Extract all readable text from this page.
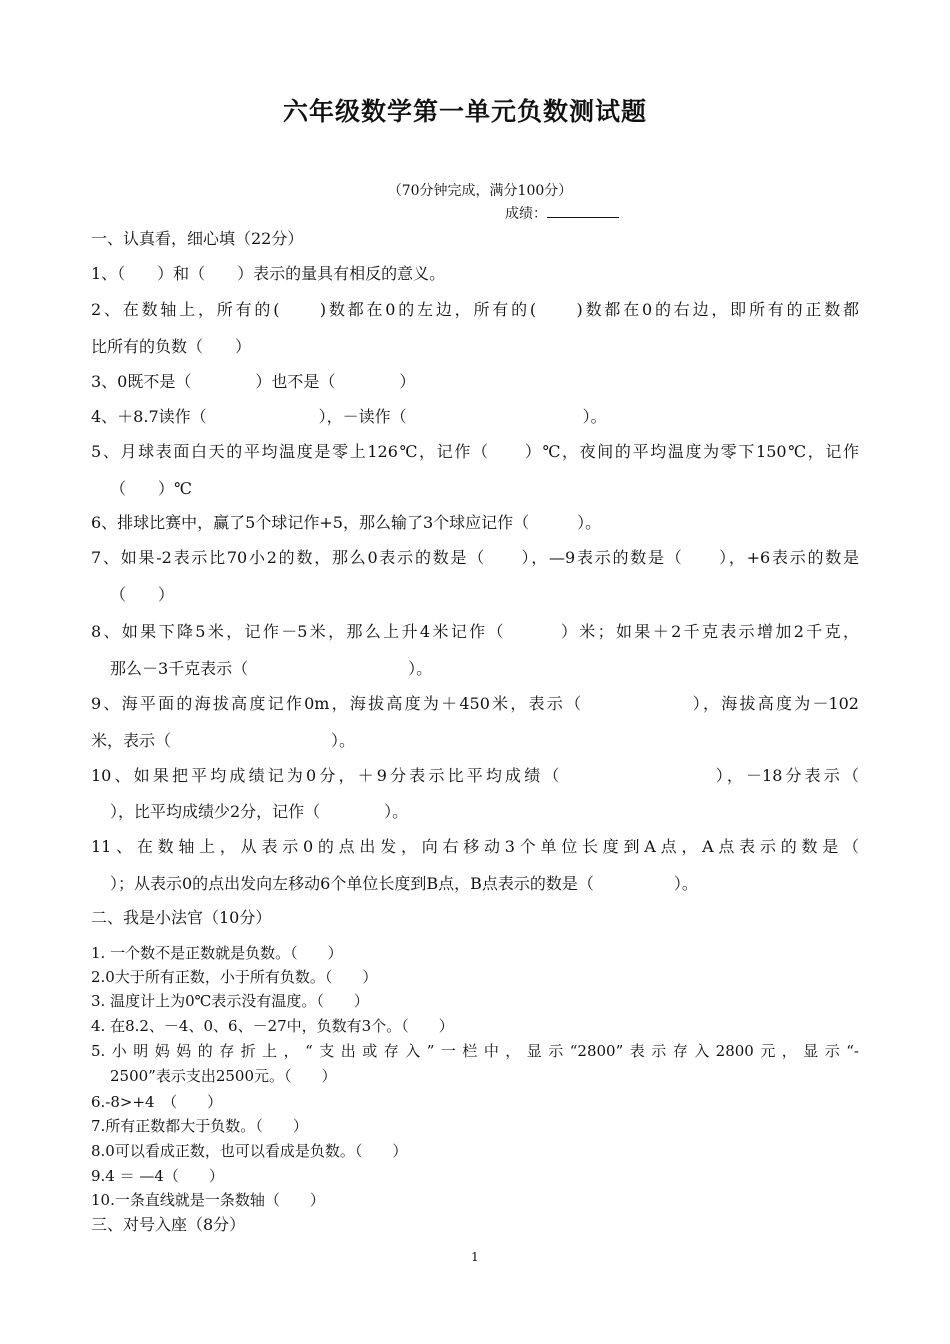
六年级数学第一单元负数测试题
（70分钟完成，满分100分）
成绩：
一、认真看，细心填（22分）
1、（　　）和（　　）表示的量具有相反的意义。
2、在数轴上，所有的(　　)数都在0的左边，所有的(　　)数都在0的右边，即所有的正数都
比所有的负数（　　）
3、0既不是（　　　　）也不是（　　　　）
4、＋8.7读作（　　　　　　　），－读作（　　　　　　　　　　　）。
5、月球表面白天的平均温度是零上126℃，记作（　　）℃，夜间的平均温度为零下150℃，记作
（　　）℃
6、排球比赛中，赢了5个球记作+5，那么输了3个球应记作（　　　）。
7、如果-2表示比70小2的数，那么0表示的数是（　　），—9表示的数是（　　），+6表示的数是
（　　）
8、如果下降5米，记作－5米，那么上升4米记作（　　　）米；如果＋2千克表示增加2千克，
那么－3千克表示（　　　　　　　　　　）。
9、海平面的海拔高度记作0m，海拔高度为＋450米，表示（　　　　　　），海拔高度为－102
米，表示（　　　　　　　　　　）。
10、如果把平均成绩记为0分，＋9分表示比平均成绩（　　　　　　　　），－18分表示（
），比平均成绩少2分，记作（　　　　）。
11、在数轴上，从表示0的点出发，向右移动3个单位长度到A点，A点表示的数是（
）；从表示0的点出发向左移动6个单位长度到B点，B点表示的数是（　　　　　）。
二、我是小法官（10分）
1. 一个数不是正数就是负数。（　　）
2.0大于所有正数，小于所有负数。（　　）
3. 温度计上为0℃表示没有温度。（　　）
4. 在8.2、－4、0、6、－27中，负数有3个。（　　）
5.小明妈妈的存折上，“支出或存入”一栏中，显示“2800”表示存入2800元，显示“-
2500”表示支出2500元。（　　）
6.-8>+4　（　　）
7.所有正数都大于负数。（　　）
8.0可以看成正数，也可以看成是负数。（　　）
9.4 ＝ —4（　　）
10.一条直线就是一条数轴（　　）
三、对号入座（8分）
1
